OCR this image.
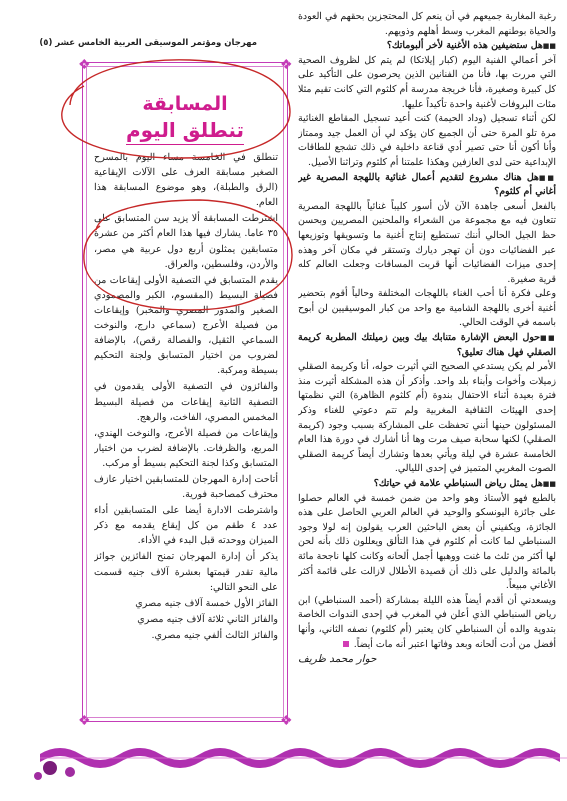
رغبة المغاربة جميعهم في أن ينعم كل المحتجزين بحقهم في العودة والحياة بوطنهم المغرب وسط أهلهم وذويهم.

■■ هل ستضيفين هذه الأغنية لأخر ألبوماتك؟

آخر أعمالي الفنية اليوم (كبار إيلاتكا) لم يتم كل لظروف الصحية التي مررت بها، فأنا من الفنانين الذين يحرصون على التأكيد على كل كبيرة وصغيرة، فأنا خريجة مدرسة أم كلثوم التي كانت تقيم مثلا مئات البروفات لأغنية واحدة تأكيداً عليها.

لكن أثناء تسجيل (وداد الحيمة) كنت أعيد تسجيل المقاطع الغنائية مرة تلو المرة حتى أن الجميع كان يؤكد لي أن العمل جيد وممتاز وأنا أكون أنا حتى تصير أدي قناعة داخلية في ذلك تشجع للطاقات الإبداعية حتى لدى العازفين وهكذا علمتنا أم كلثوم وتراثنا الأصيل.

■■ هل هناك مشروع لتقديم أعمال غنائية باللهجة المصرية غير أغاني أم كلثوم؟

بالفعل أسعى جاهدة الآن لأن أسور كليباً غنائياً باللهجة المصرية تتعاون فيه مع مجموعة من الشعراء والملحنين المصريين وبحسن حظ الجيل الحالي أننك تستطيع إنتاج أغنية ما وتسويقها وتوزيعها عبر الفضائيات دون أن تهجر ديارك وتستقر في مكان آخر وهذه إحدى ميزات الفضائيات أنها قربت المسافات وجعلت العالم كله قرية صغيرة.

وعلى فكرة أنا أحب الغناء باللهجات المختلفة وحالياً أقوم بتحضير أغنية أخرى باللهجة الشامية مع واحد من كبار الموسيقيين لن أبوح باسمه في الوقت الحالي.

■■ حول البعض الإشارة متنابك بيك وبين زميلتك المطربة كريمة الصقلي فهل هناك تعليق؟

الأمر لم يكن يستدعي الصحيح التي أثيرت حوله، أنا وكريمة الصقلي زميلات وأخوات وأبناء بلد واحد. وأذكر أن هذه المشكلة أثيرت منذ فترة بعيدة أثناء الاحتفال بندوة (أم كلثوم الظاهرة) التي نظمتها إحدى الهيئات الثقافية المغربية ولم تتم دعوتي للغناء وذكر المسئولون حينها أنني تحفظت على المشاركة بسبب وجود (كريمة الصقلي) لكنها سحابة صيف مرت وها أنا أشارك في دورة هذا العام الخامسة عشرة في ليلة ويأتي بعدها وتشارك أيضاً كريمة الصقلي الصوت المغربي المتميز في إحدى الليالي.

■■ هل يمثل رياض السنباطي علامة في حياتك؟

بالطبع فهو الأستاذ وهو واحد من ضمن خمسة في العالم حصلوا على جائزة اليونسكو والوحيد في العالم العربي الحاصل على هذه الجائزة، ويكفيني أن بعض الباحثين العرب يقولون إنه لولا وجود السنباطي لما كانت أم كلثوم في هذا التألق ويعللون ذلك بأنه لحن لها أكثر من ثلث ما غنت ووهبها أجمل ألحانه وكانت كلها ناجحة مائة بالمائة والدليل على ذلك أن قصيدة الأطلال لازالت على قائمة أكثر الأغاني مبيعاً.

ويسعدني أن أقدم أيضاً هذه الليلة بمشاركة (أحمد السنباطي) ابن رياض السنباطي الذي أعلن في المغرب في إحدى الندوات الخاصة بتدوية والده أن السنباطي كان يعتبر (أم كلثوم) نصفه الثاني، وأنها أفضل من أدت ألحانه وبعد وفاتها اعتبر أنه مات أيضاً.

حوار محمد ظريف

❖	❖
❖	❖
المسابقة
تنطلق اليوم

تنطلق في الخامسة مساء اليوم بالمسرح الصغير مسابقة العزف على الآلات الإيقاعية (الرق والطبلة)، وهو موضوع المسابقة هذا العام.

اشترطت المسابقة ألا يزيد سن المتسابق على ٣٥ عاما. يشارك فيها هذا العام أكثر من عشرة متسابقين يمثلون أربع دول عربية هي مصر، والأردن، وفلسطين، والعراق.

يقدم المتسابق في التصفية الأولى إيقاعات من فصيلة البسيط (المقسوم، الكبر والمصمودي الصغير والمدور المصري والمخبر) وإيقاعات من فصيلة الأعرج (سماعي دارج، والنوخت السماعي الثقيل، والفصالة رقص)، بالإضافة لضروب من اختيار المتسابق ولجنة التحكيم بسيطة ومركبة.

والفائزون في التصفية الأولى يقدمون في التصفية الثانية إيقاعات من فصيلة البسيط المخمس المصري، الفاخت، والرهج.

وإيقاعات من فصيلة الأعرج، والنوخت الهندي، المربع، والظرفات. بالإضافة لضرب من اختيار المتسابق وكذا لجنة التحكيم بسيط أو مركب.

أتاحت إدارة المهرجان للمتسابقين اختيار عازف محترف كمصاحبة فورية.

واشترطت الادارة أيضا على المتسابقين أداء عدد ٤ طقم من كل إيقاع يقدمه مع ذكر الميزان ووحدته قبل البدء في الأداء.

يذكر أن إدارة المهرجان تمنح الفائزين جوائز مالية تقدر قيمتها بعشرة آلاف جنيه قسمت على النحو التالي:

الفائز الأول خمسة آلاف جنيه مصري

والفائز الثاني ثلاثة آلاف جنيه مصري

والفائز الثالث ألفي جنيه مصري.

مهرجان ومؤتمر الموسيقى العربية الخامس عشر (٥)
